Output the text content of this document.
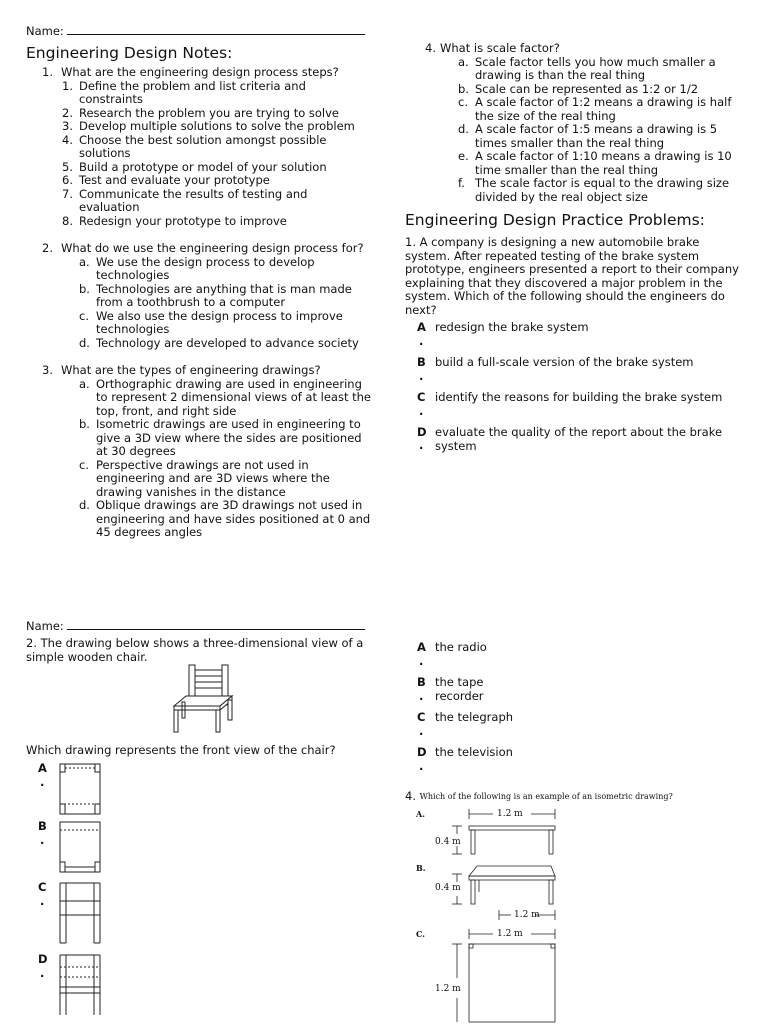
Name:
Engineering Design Notes:
1. What are the engineering design process steps?
1. Define the problem and list criteria and constraints
2. Research the problem you are trying to solve
3. Develop multiple solutions to solve the problem
4. Choose the best solution amongst possible solutions
5. Build a prototype or model of your solution
6. Test and evaluate your prototype
7. Communicate the results of testing and evaluation
8. Redesign your prototype to improve
2. What do we use the engineering design process for?
a. We use the design process to develop technologies
b. Technologies are anything that is man made from a toothbrush to a computer
c. We also use the design process to improve technologies
d. Technology are developed to advance society
3. What are the types of engineering drawings?
a. Orthographic drawing are used in engineering to represent 2 dimensional views of at least the top, front, and right side
b. Isometric drawings are used in engineering to give a 3D view where the sides are positioned at 30 degrees
c. Perspective drawings are not used in engineering and are 3D views where the drawing vanishes in the distance
d. Oblique drawings are 3D drawings not used in engineering and have sides positioned at 0 and 45 degrees angles
4. What is scale factor?
a. Scale factor tells you how much smaller a drawing is than the real thing
b. Scale can be represented as 1:2 or 1/2
c. A scale factor of 1:2 means a drawing is half the size of the real thing
d. A scale factor of 1:5 means a drawing is 5 times smaller than the real thing
e. A scale factor of 1:10 means a drawing is 10 time smaller than the real thing
f. The scale factor is equal to the drawing size divided by the real object size
Engineering Design Practice Problems:
1. A company is designing a new automobile brake system. After repeated testing of the brake system prototype, engineers presented a report to their company explaining that they discovered a major problem in the system. Which of the following should the engineers do next?
A
.
redesign the brake system
B
.
build a full-scale version of the brake system
C
.
identify the reasons for building the brake system
D
.
evaluate the quality of the report about the brake system
Name:
2. The drawing below shows a three-dimensional view of a simple wooden chair.
Which drawing represents the front view of the chair?
A
.
B
.
C
.
D
.
A
.
the radio
B
.
the tape recorder
C
.
the telegraph
D
.
the television
4. Which of the following is an example of an isometric drawing?
A.	1.2 m
0.4 m
B.
0.4 m
1.2 m
C.	1.2 m
1.2 m
